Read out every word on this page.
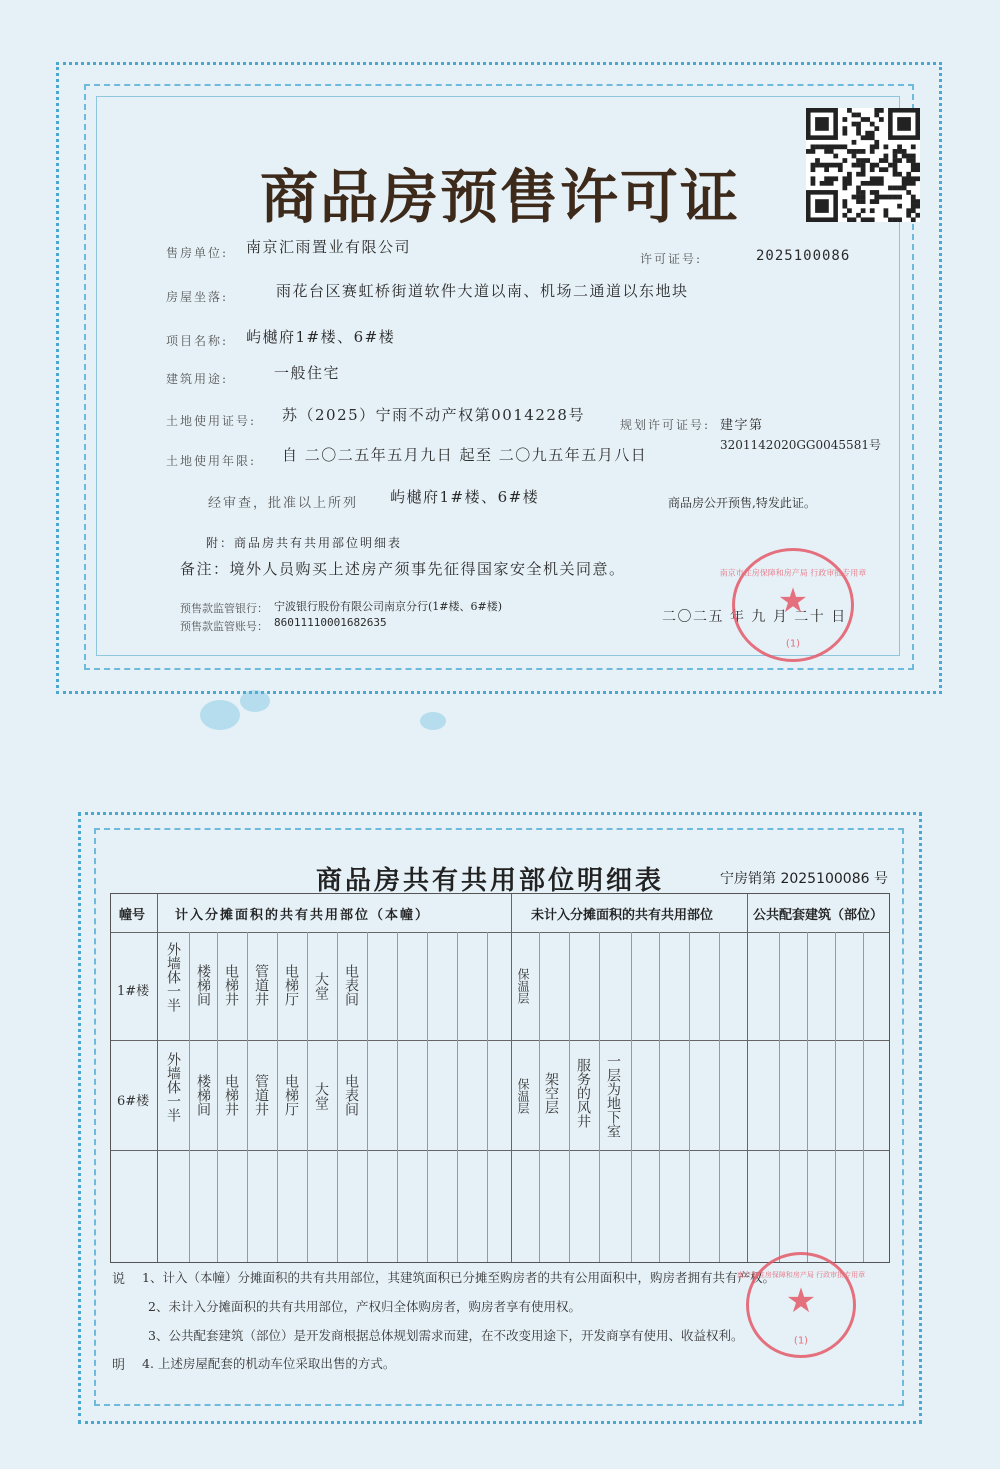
商品房预售许可证
售房单位: 南京汇雨置业有限公司
许可证号:	2025100086
房屋坐落:	雨花台区赛虹桥街道软件大道以南、机场二通道以东地块
项目名称: 屿樾府1#楼、6#楼
建筑用途:	一般住宅
土地使用证号: 苏（2025）宁雨不动产权第0014228号
规划许可证号: 建字第
3201142020GG0045581号
土地使用年限: 自 二〇二五年五月九日 起至 二〇九五年五月八日
经审查，批准以上所列 屿樾府1#楼、6#楼	商品房公开预售,特发此证。
附：商品房共有共用部位明细表
备注：境外人员购买上述房产须事先征得国家安全机关同意。
预售款监管银行： 宁波银行股份有限公司南京分行(1#楼、6#楼)
预售款监管账号： 86011110001682635	二〇二五 年 九 月 二十 日
★
南京市住房保障和房产局 行政审批专用章
(1)
商品房共有共用部位明细表	宁房销第 2025100086 号
幢号 计入分摊面积的共有共用部位（本幢）	未计入分摊面积的共有共用部位	公共配套建筑（部位）
1#楼 外墙体一半 楼梯间 电梯井 管道井 电梯厅 大堂 电表间	保温层
6#楼 外墙体一半 楼梯间 电梯井 管道井 电梯厅 大堂 电表间	保温层 架空层 服务的风井 一层为地下室
说
明
1、计入（本幢）分摊面积的共有共用部位，其建筑面积已分摊至购房者的共有公用面积中，购房者拥有共有产权。
2、未计入分摊面积的共有共用部位，产权归全体购房者，购房者享有使用权。
3、公共配套建筑（部位）是开发商根据总体规划需求而建，在不改变用途下，开发商享有使用、收益权利。
4. 上述房屋配套的机动车位采取出售的方式。
★
南京市住房保障和房产局 行政审批专用章
(1)
